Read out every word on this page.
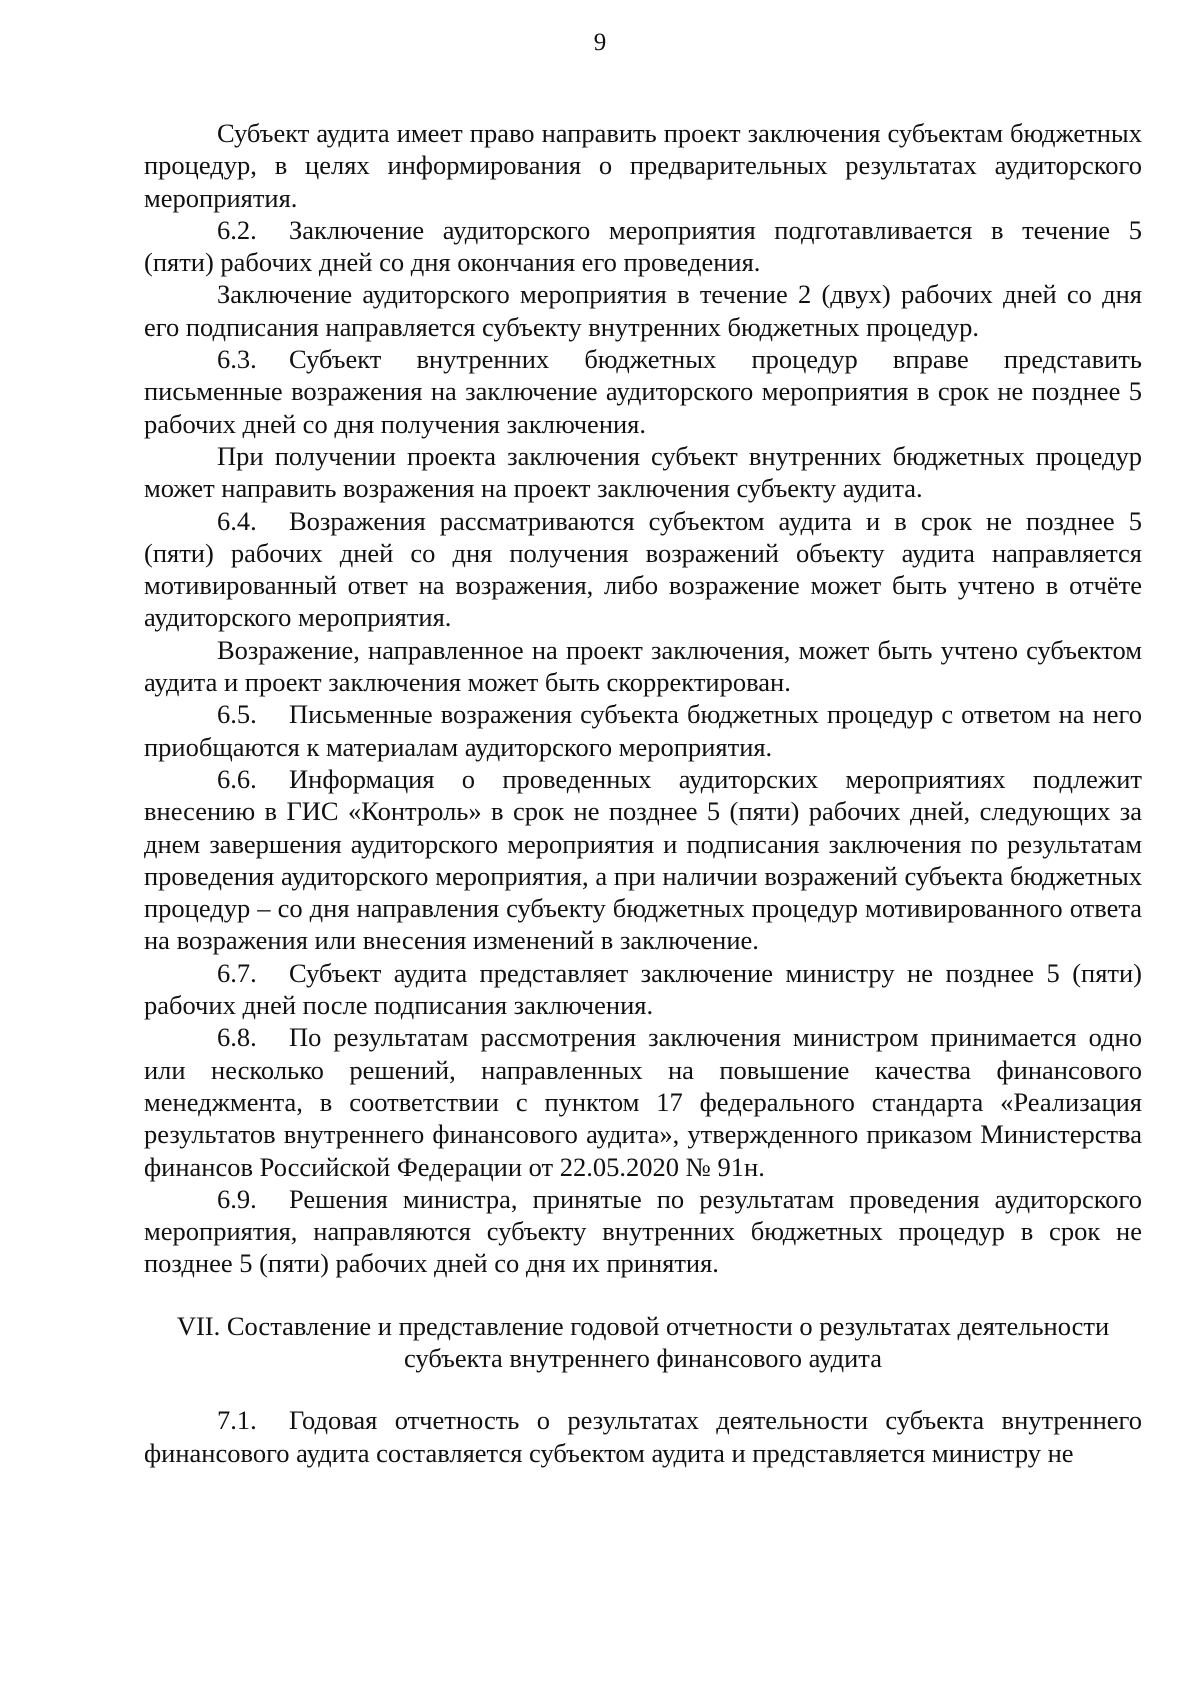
9

Субъект аудита имеет право направить проект заключения субъектам бюджетных процедур, в целях информирования о предварительных результатах аудиторского мероприятия.

6.2. Заключение аудиторского мероприятия подготавливается в течение 5 (пяти) рабочих дней со дня окончания его проведения.

Заключение аудиторского мероприятия в течение 2 (двух) рабочих дней со дня его подписания направляется субъекту внутренних бюджетных процедур.

6.3. Субъект внутренних бюджетных процедур вправе представить письменные возражения на заключение аудиторского мероприятия в срок не позднее 5 рабочих дней со дня получения заключения.

При получении проекта заключения субъект внутренних бюджетных процедур может направить возражения на проект заключения субъекту аудита.

6.4. Возражения рассматриваются субъектом аудита и в срок не позднее 5 (пяти) рабочих дней со дня получения возражений объекту аудита направляется мотивированный ответ на возражения, либо возражение может быть учтено в отчёте аудиторского мероприятия.

Возражение, направленное на проект заключения, может быть учтено субъектом аудита и проект заключения может быть скорректирован.

6.5. Письменные возражения субъекта бюджетных процедур с ответом на него приобщаются к материалам аудиторского мероприятия.

6.6. Информация о проведенных аудиторских мероприятиях подлежит внесению в ГИС «Контроль» в срок не позднее 5 (пяти) рабочих дней, следующих за днем завершения аудиторского мероприятия и подписания заключения по результатам проведения аудиторского мероприятия, а при наличии возражений субъекта бюджетных процедур – со дня направления субъекту бюджетных процедур мотивированного ответа на возражения или внесения изменений в заключение.

6.7. Субъект аудита представляет заключение министру не позднее 5 (пяти) рабочих дней после подписания заключения.

6.8. По результатам рассмотрения заключения министром принимается одно или несколько решений, направленных на повышение качества финансового менеджмента, в соответствии с пунктом 17 федерального стандарта «Реализация результатов внутреннего финансового аудита», утвержденного приказом Министерства финансов Российской Федерации от 22.05.2020 № 91н.

6.9. Решения министра, принятые по результатам проведения аудиторского мероприятия, направляются субъекту внутренних бюджетных процедур в срок не позднее 5 (пяти) рабочих дней со дня их принятия.

VII. Составление и представление годовой отчетности о результатах деятельности
субъекта внутреннего финансового аудита

7.1. Годовая отчетность о результатах деятельности субъекта внутреннего финансового аудита составляется субъектом аудита и представляется министру не
